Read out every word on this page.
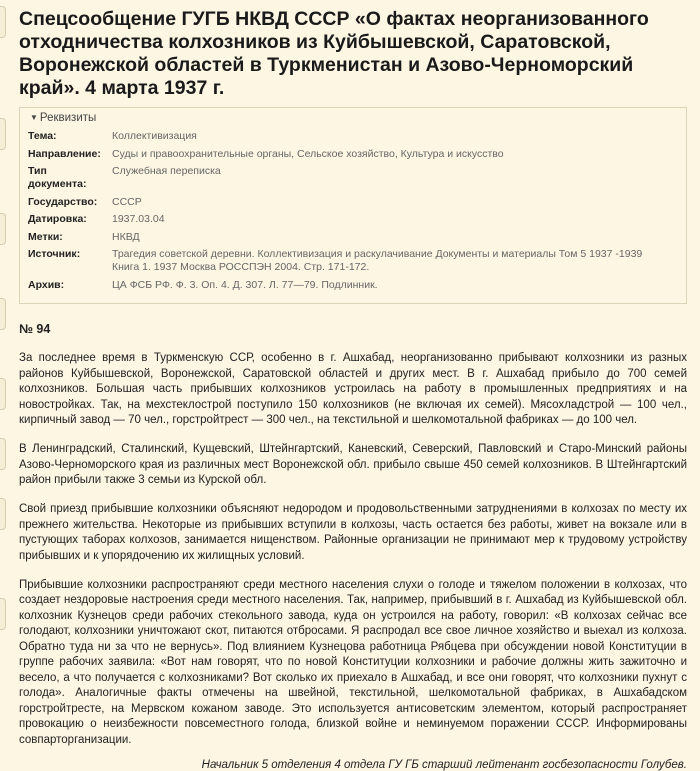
Спецсообщение ГУГБ НКВД СССР «О фактах неорганизованного отходничества колхозников из Куйбышевской, Саратовской, Воронежской областей в Туркменистан и Азово-Черноморский край». 4 марта 1937 г.
▼ Реквизиты
Тема:	Коллективизация
Направление:	Суды и правоохранительные органы, Сельское хозяйство, Культура и искусство
Тип документа:	Служебная переписка
Государство:	СССР
Датировка:	1937.03.04
Метки:	НКВД
Источник:	Трагедия советской деревни. Коллективизация и раскулачивание Документы и материалы Том 5 1937 -1939 Книга 1. 1937 Москва РОССПЭН 2004. Стр. 171-172.
Архив:	ЦА ФСБ РФ. Ф. 3. Оп. 4. Д. 307. Л. 77—79. Подлинник.
№ 94

За последнее время в Туркменскую ССР, особенно в г. Ашхабад, неорганизованно прибывают колхозники из разных районов Куйбышевской, Воронежской, Саратовской областей и других мест. В г. Ашхабад прибыло до 700 семей колхозников. Большая часть прибывших колхозников устроилась на работу в промышленных предприятиях и на новостройках. Так, на мехстеклострой поступило 150 колхозников (не включая их семей). Мясохладстрой — 100 чел., кирпичный завод — 70 чел., горстройтрест — 300 чел., на текстильной и шелкомотальной фабриках — до 100 чел.

В Ленинградский, Сталинский, Кущевский, Штейнгартский, Каневский, Северский, Павловский и Старо-Минский районы Азово-Черноморского края из различных мест Воронежской обл. прибыло свыше 450 семей колхозников. В Штейнгартский район прибыли также 3 семьи из Курской обл.

Свой приезд прибывшие колхозники объясняют недородом и продовольственными затруднениями в колхозах по месту их прежнего жительства. Некоторые из прибывших вступили в колхозы, часть остается без работы, живет на вокзале или в пустующих таборах колхозов, занимается нищенством. Районные организации не принимают мер к трудовому устройству прибывших и к упорядочению их жилищных условий.

Прибывшие колхозники распространяют среди местного населения слухи о голоде и тяжелом положении в колхозах, что создает нездоровые настроения среди местного населения. Так, например, прибывший в г. Ашхабад из Куйбышевской обл. колхозник Кузнецов среди рабочих стекольного завода, куда он устроился на работу, говорил: «В колхозах сейчас все голодают, колхозники уничтожают скот, питаются отбросами. Я распродал все свое личное хозяйство и выехал из колхоза. Обратно туда ни за что не вернусь». Под влиянием Кузнецова работница Рябцева при обсуждении новой Конституции в группе рабочих заявила: «Вот нам говорят, что по новой Конституции колхозники и рабочие должны жить зажиточно и весело, а что получается с колхозниками? Вот сколько их приехало в Ашхабад, и все они говорят, что колхозники пухнут с голода». Аналогичные факты отмечены на швейной, текстильной, шелкомотальной фабриках, в Ашхабадском горстройтресте, на Мервском кожаном заводе. Это используется антисоветским элементом, который распространяет провокацию о неизбежности повсеместного голода, близкой войне и неминуемом поражении СССР. Информированы совпарторганизации.

Начальник 5 отделения 4 отдела ГУ ГБ старший лейтенант госбезопасности Голубев.
